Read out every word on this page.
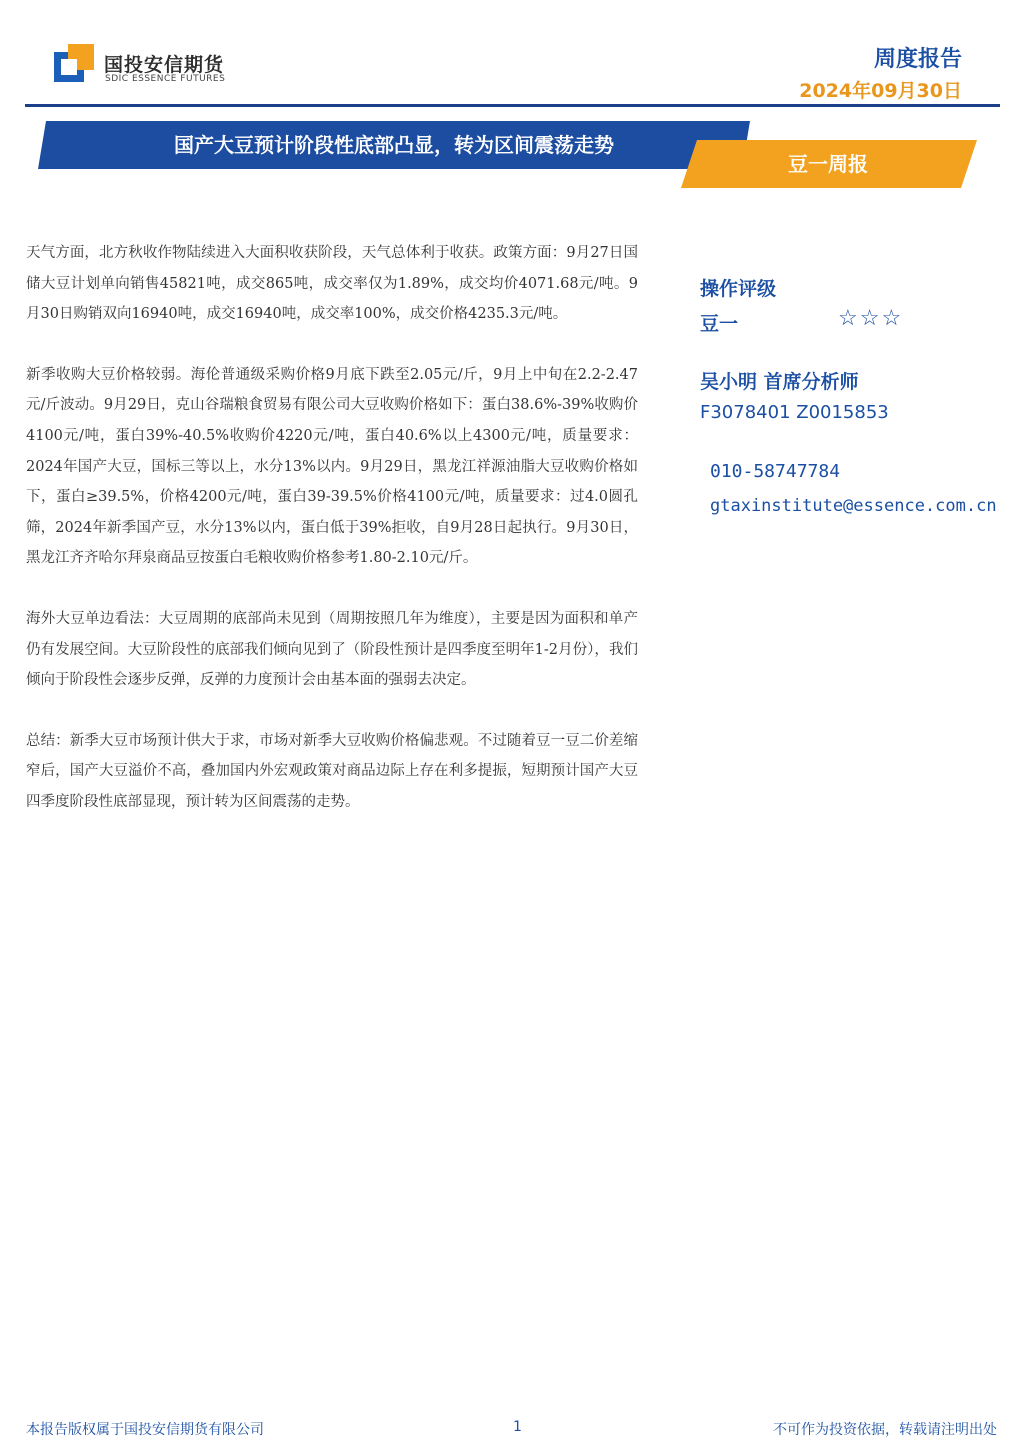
国投安信期货
SDIC ESSENCE FUTURES
周度报告
2024年09月30日
国产大豆预计阶段性底部凸显，转为区间震荡走势
豆一周报

天气方面，北方秋收作物陆续进入大面积收获阶段，天气总体利于收获。政策方面：9月27日国储大豆计划单向销售45821吨，成交865吨，成交率仅为1.89%，成交均价4071.68元/吨。9月30日购销双向16940吨，成交16940吨，成交率100%，成交价格4235.3元/吨。

新季收购大豆价格较弱。海伦普通级采购价格9月底下跌至2.05元/斤，9月上中旬在2.2-2.47元/斤波动。9月29日，克山谷瑞粮食贸易有限公司大豆收购价格如下：蛋白38.6%-39%收购价4100元/吨，蛋白39%-40.5%收购价4220元/吨，蛋白40.6%以上4300元/吨，质量要求：2024年国产大豆，国标三等以上，水分13%以内。9月29日，黑龙江祥源油脂大豆收购价格如下，蛋白≥39.5%，价格4200元/吨，蛋白39-39.5%价格4100元/吨，质量要求：过4.0圆孔筛，2024年新季国产豆，水分13%以内，蛋白低于39%拒收，自9月28日起执行。9月30日，黑龙江齐齐哈尔拜泉商品豆按蛋白毛粮收购价格参考1.80-2.10元/斤。

海外大豆单边看法：大豆周期的底部尚未见到（周期按照几年为维度），主要是因为面积和单产仍有发展空间。大豆阶段性的底部我们倾向见到了（阶段性预计是四季度至明年1-2月份），我们倾向于阶段性会逐步反弹，反弹的力度预计会由基本面的强弱去决定。

总结：新季大豆市场预计供大于求，市场对新季大豆收购价格偏悲观。不过随着豆一豆二价差缩窄后，国产大豆溢价不高，叠加国内外宏观政策对商品边际上存在利多提振，短期预计国产大豆四季度阶段性底部显现，预计转为区间震荡的走势。

操作评级
豆一	☆☆☆
吴小明 首席分析师
F3078401 Z0015853
010-58747784
gtaxinstitute@essence.com.cn
本报告版权属于国投安信期货有限公司	1	不可作为投资依据，转载请注明出处
